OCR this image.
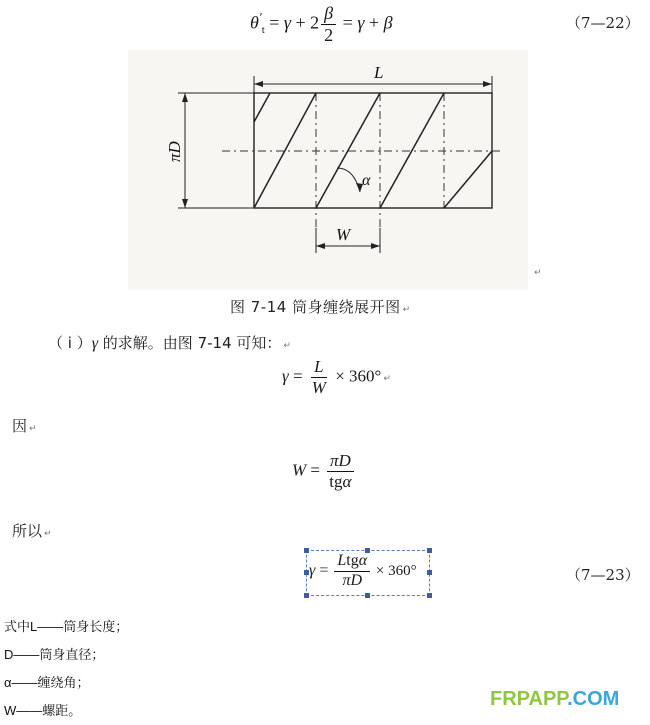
$\theta'_t = \gamma + 2 \frac{\beta}{2} = \gamma + \beta$	（7—22）
L
πD
α
W
↵
图 7-14 筒身缠绕展开图 ↵
（ i ）γ 的求解。由图 7-14 可知： ↵
$\gamma = \frac{L}{W} \times 360^\circ$ ↵
因 ↵
$W = \frac{\pi D}{\text{tgα}}$
所以 ↵
$\gamma = \frac{\text{Ltgα}}{\pi D} \times 360^\circ$	（7—23）
式中L——筒身长度；
D——筒身直径；
α——缠绕角；
W——螺距。
FRPAPP.COM
